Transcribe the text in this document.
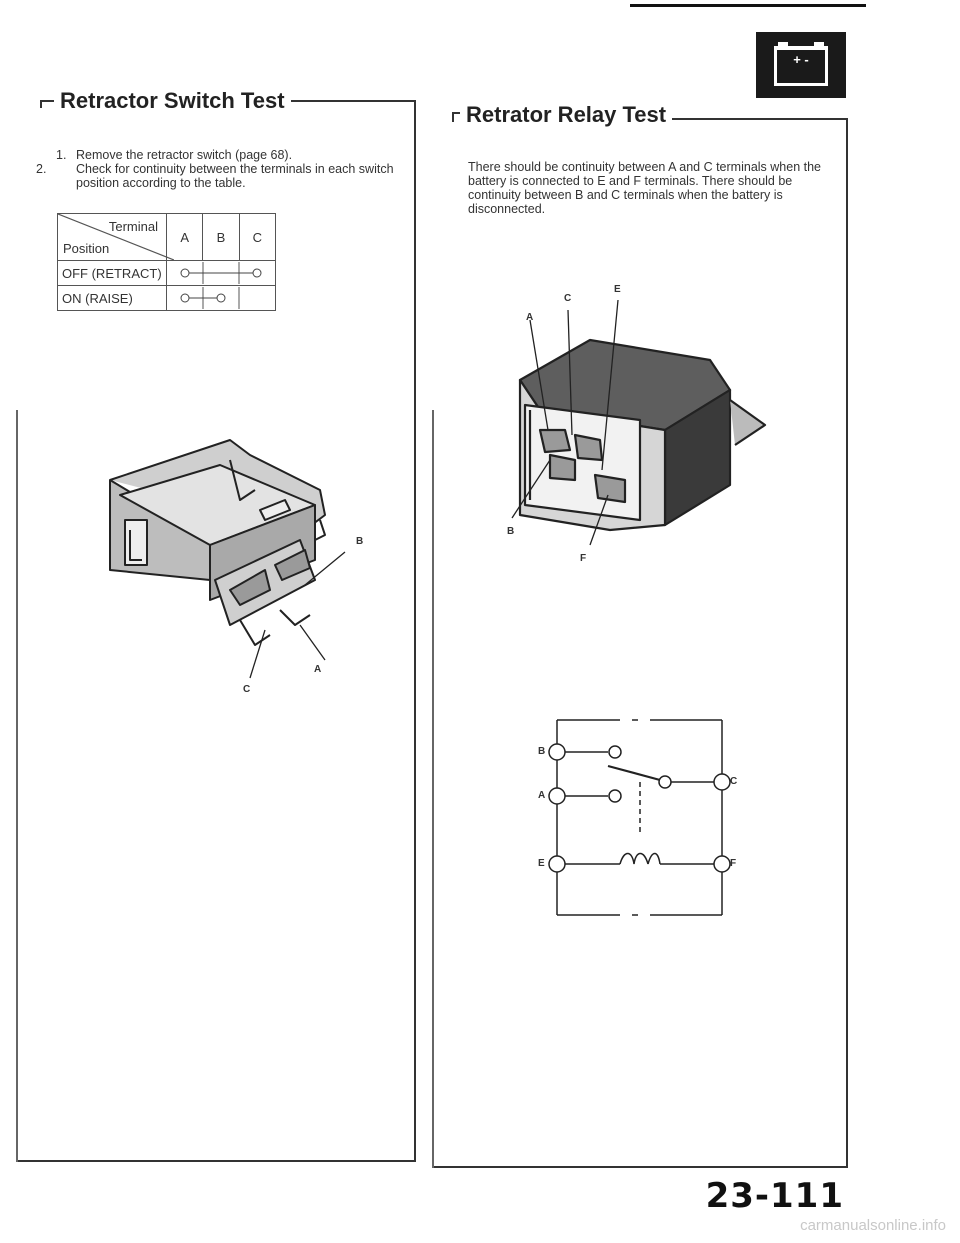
+ -
Retractor Switch Test

1. Remove the retractor switch (page 68).

2. Check for continuity between the terminals in each switch position according to the table.

Terminal
Position	A	B	C
OFF (RETRACT)	

ON (RAISE)	
B
A
C
Retrator Relay Test
There should be continuity between A and C terminals when the battery is connected to E and F terminals. There should be continuity between B and C terminals when the battery is disconnected.
A
C
E
B
F
B
A
E
C
F
23-111
carmanualsonline.info
